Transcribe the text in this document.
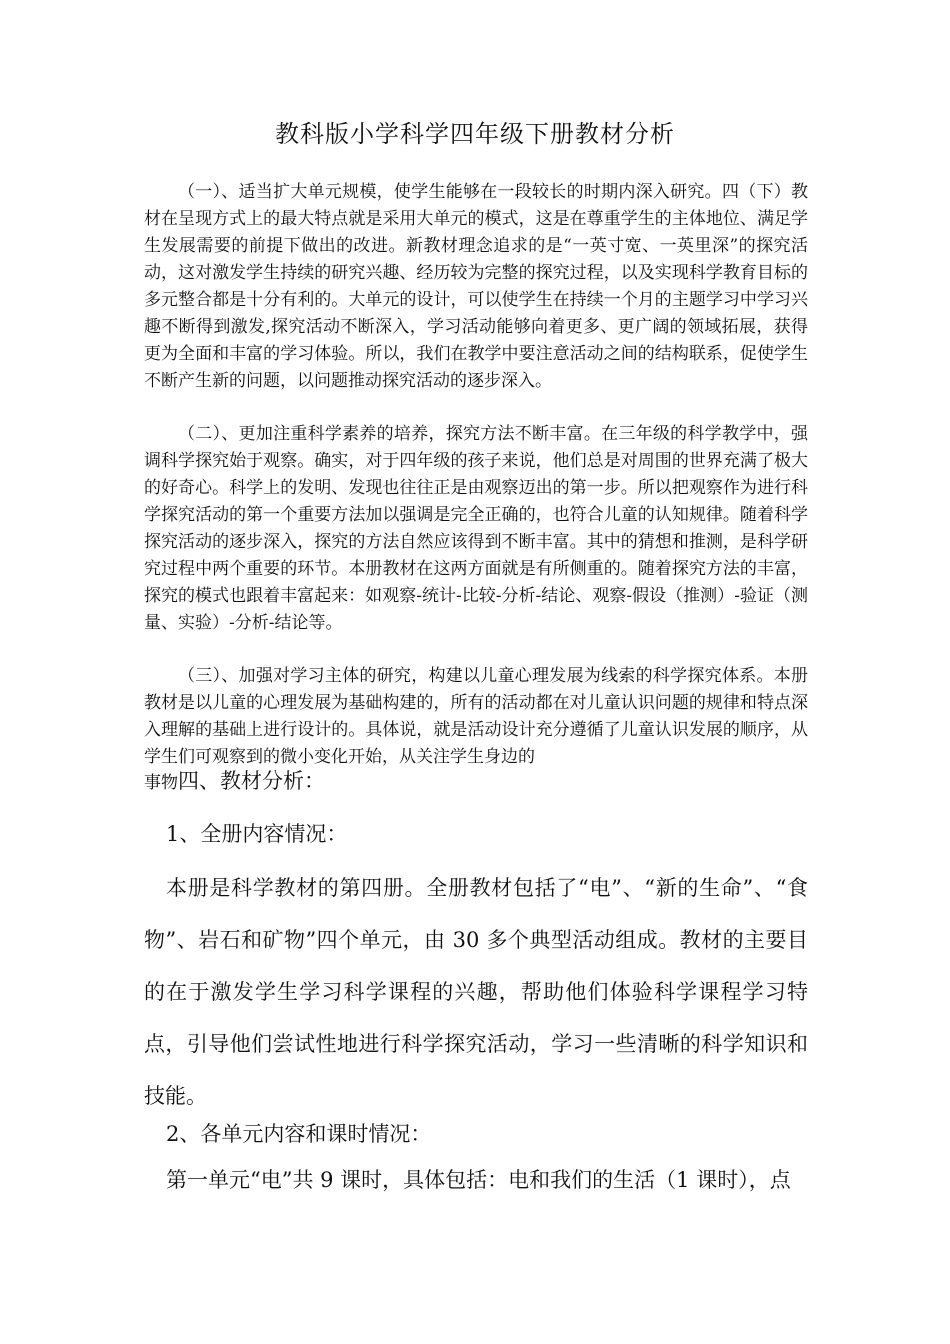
教科版小学科学四年级下册教材分析

（一）、适当扩大单元规模，使学生能够在一段较长的时期内深入研究。四（下）教材在呈现方式上的最大特点就是采用大单元的模式，这是在尊重学生的主体地位、满足学生发展需要的前提下做出的改进。新教材理念追求的是“一英寸宽、一英里深”的探究活动，这对激发学生持续的研究兴趣、经历较为完整的探究过程，以及实现科学教育目标的多元整合都是十分有利的。大单元的设计，可以使学生在持续一个月的主题学习中学习兴趣不断得到激发,探究活动不断深入，学习活动能够向着更多、更广阔的领域拓展，获得更为全面和丰富的学习体验。所以，我们在教学中要注意活动之间的结构联系，促使学生不断产生新的问题，以问题推动探究活动的逐步深入。

（二）、更加注重科学素养的培养，探究方法不断丰富。在三年级的科学教学中，强调科学探究始于观察。确实，对于四年级的孩子来说，他们总是对周围的世界充满了极大的好奇心。科学上的发明、发现也往往正是由观察迈出的第一步。所以把观察作为进行科学探究活动的第一个重要方法加以强调是完全正确的，也符合儿童的认知规律。随着科学探究活动的逐步深入，探究的方法自然应该得到不断丰富。其中的猜想和推测，是科学研究过程中两个重要的环节。本册教材在这两方面就是有所侧重的。随着探究方法的丰富，探究的模式也跟着丰富起来：如观察-统计-比较-分析-结论、观察-假设（推测）-验证（测量、实验）-分析-结论等。

（三）、加强对学习主体的研究，构建以儿童心理发展为线索的科学探究体系。本册教材是以儿童的心理发展为基础构建的，所有的活动都在对儿童认识问题的规律和特点深入理解的基础上进行设计的。具体说，就是活动设计充分遵循了儿童认识发展的顺序，从学生们可观察到的微小变化开始，从关注学生身边的

事物四、教材分析：

1、全册内容情况：

本册是科学教材的第四册。全册教材包括了“电”、“新的生命”、“食物”、岩石和矿物”四个单元，由 30 多个典型活动组成。教材的主要目的在于激发学生学习科学课程的兴趣，帮助他们体验科学课程学习特点，引导他们尝试性地进行科学探究活动，学习一些清晰的科学知识和技能。

2、各单元内容和课时情况：

第一单元“电”共 9 课时，具体包括：电和我们的生活（1 课时），点
